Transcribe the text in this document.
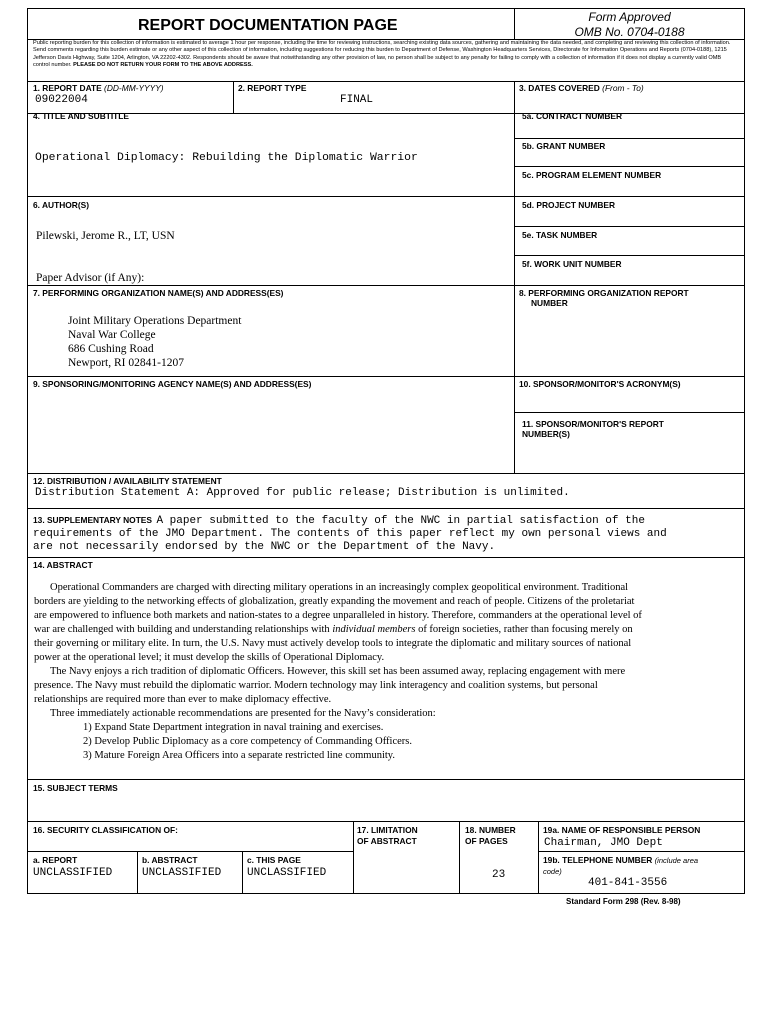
REPORT DOCUMENTATION PAGE	Form Approved
OMB No. 0704-0188
Public reporting burden for this collection of information is estimated to average 1 hour per response, including the time for reviewing instructions, searching existing data sources, gathering and maintaining the data needed, and completing and reviewing this collection of information. Send comments regarding this burden estimate or any other aspect of this collection of information, including suggestions for reducing this burden to Department of Defense, Washington Headquarters Services, Directorate for Information Operations and Reports (0704-0188), 1215 Jefferson Davis Highway, Suite 1204, Arlington, VA 22202-4302. Respondents should be aware that notwithstanding any other provision of law, no person shall be subject to any penalty for failing to comply with a collection of information if it does not display a currently valid OMB control number. PLEASE DO NOT RETURN YOUR FORM TO THE ABOVE ADDRESS.
1. REPORT DATE (DD-MM-YYYY)
09022004
2. REPORT TYPE
FINAL
3. DATES COVERED (From - To)
4. TITLE AND SUBTITLE
Operational Diplomacy: Rebuilding the Diplomatic Warrior
5a. CONTRACT NUMBER
5b. GRANT NUMBER
5c. PROGRAM ELEMENT NUMBER
6. AUTHOR(S)
Pilewski, Jerome R., LT, USN
Paper Advisor (if Any):
5d. PROJECT NUMBER
5e. TASK NUMBER
5f. WORK UNIT NUMBER
7. PERFORMING ORGANIZATION NAME(S) AND ADDRESS(ES)
Joint Military Operations Department
Naval War College
686 Cushing Road
Newport, RI 02841-1207
8. PERFORMING ORGANIZATION REPORT
NUMBER
9. SPONSORING/MONITORING AGENCY NAME(S) AND ADDRESS(ES)	10. SPONSOR/MONITOR'S ACRONYM(S)
11. SPONSOR/MONITOR'S REPORT
NUMBER(S)
12. DISTRIBUTION / AVAILABILITY STATEMENT
Distribution Statement A: Approved for public release; Distribution is unlimited.
13. SUPPLEMENTARY NOTES A paper submitted to the faculty of the NWC in partial satisfaction of the
requirements of the JMO Department. The contents of this paper reflect my own personal views and
are not necessarily endorsed by the NWC or the Department of the Navy.
14. ABSTRACT
Operational Commanders are charged with directing military operations in an increasingly complex geopolitical environment. Traditional
borders are yielding to the networking effects of globalization, greatly expanding the movement and reach of people. Citizens of the proletariat
are empowered to influence both markets and nation-states to a degree unparalleled in history. Therefore, commanders at the operational level of
war are challenged with building and understanding relationships with individual members of foreign societies, rather than focusing merely on
their governing or military elite. In turn, the U.S. Navy must actively develop tools to integrate the diplomatic and military sources of national
power at the operational level; it must develop the skills of Operational Diplomacy.
The Navy enjoys a rich tradition of diplomatic Officers. However, this skill set has been assumed away, replacing engagement with mere
presence. The Navy must rebuild the diplomatic warrior. Modern technology may link interagency and coalition systems, but personal
relationships are required more than ever to make diplomacy effective.
Three immediately actionable recommendations are presented for the Navy’s consideration:
1) Expand State Department integration in naval training and exercises.
2) Develop Public Diplomacy as a core competency of Commanding Officers.
3) Mature Foreign Area Officers into a separate restricted line community.
15. SUBJECT TERMS
16. SECURITY CLASSIFICATION OF:
a. REPORT
UNCLASSIFIED
b. ABSTRACT
UNCLASSIFIED
c. THIS PAGE
UNCLASSIFIED
17. LIMITATION
OF ABSTRACT
18. NUMBER
OF PAGES
23
19a. NAME OF RESPONSIBLE PERSON
Chairman, JMO Dept
19b. TELEPHONE NUMBER (include area
code)
401-841-3556
Standard Form 298 (Rev. 8-98)
